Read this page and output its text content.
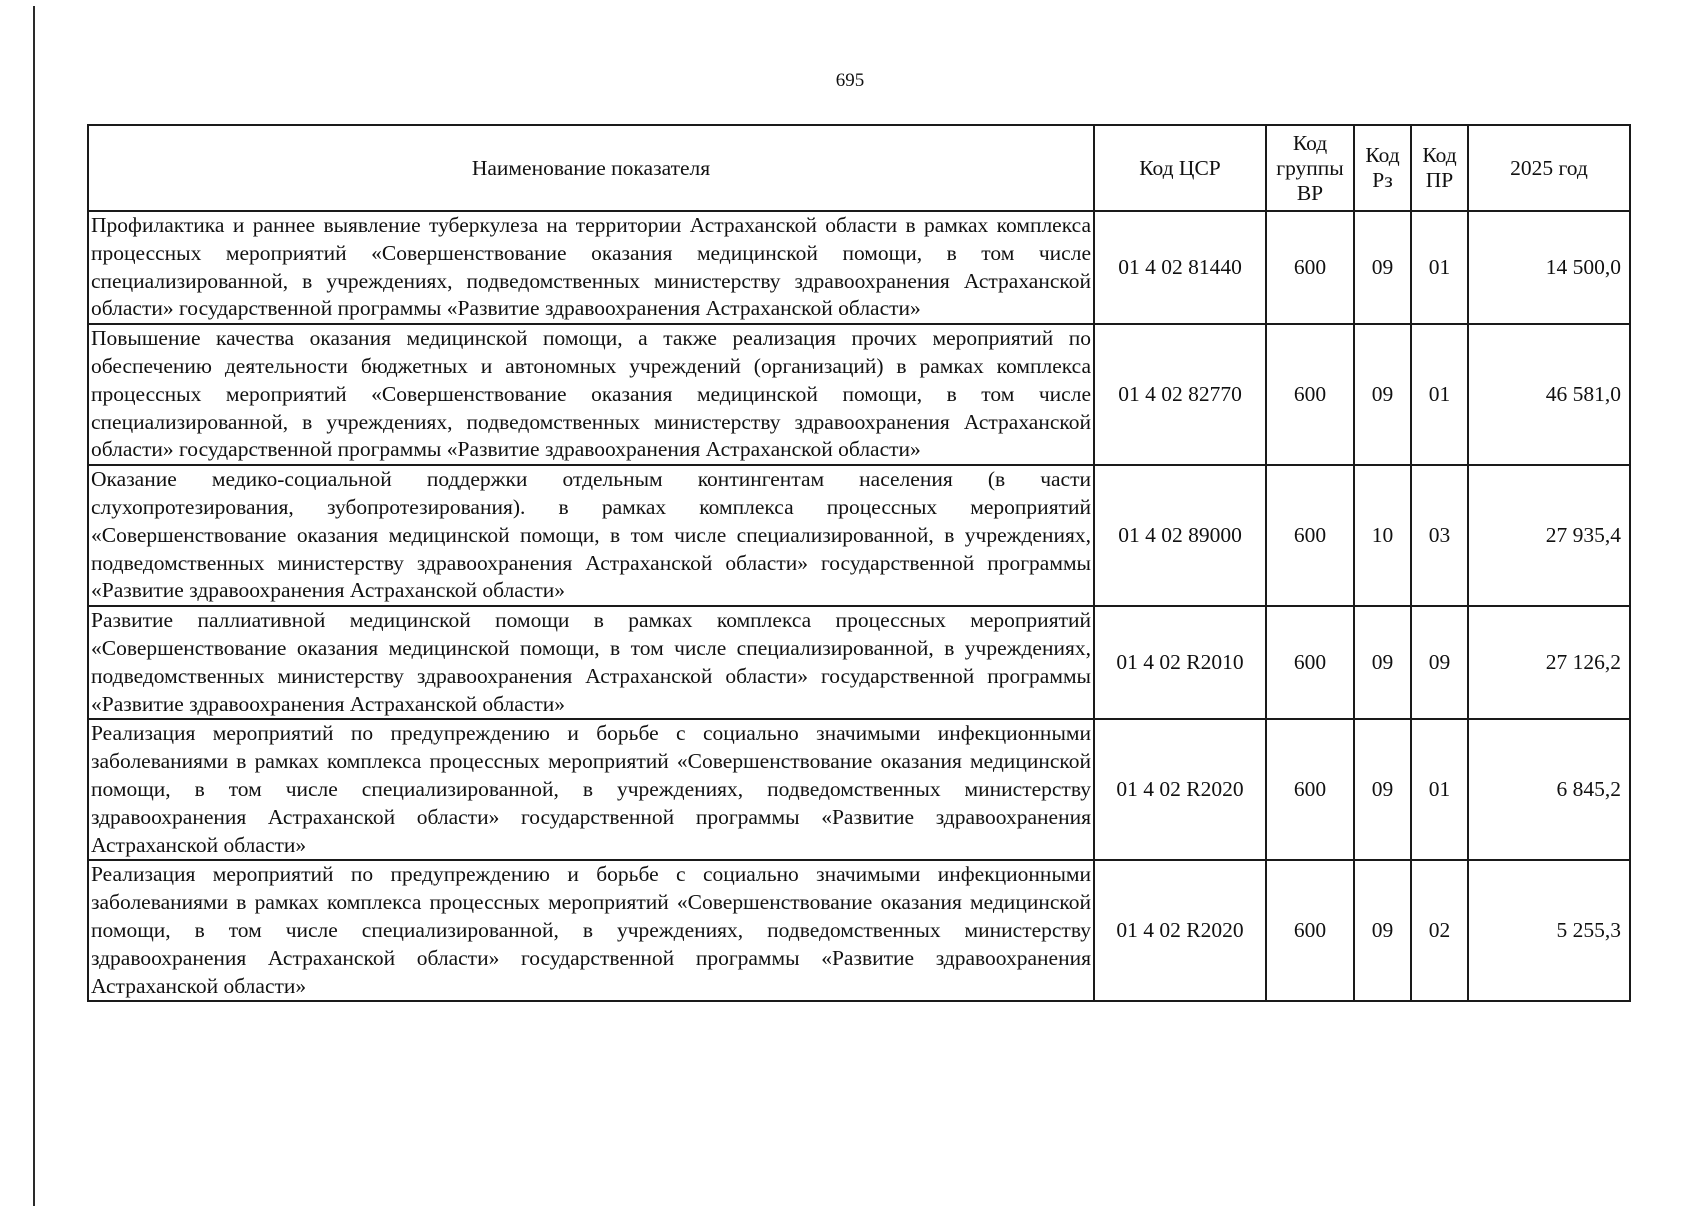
695
Наименование показателя	Код ЦСР	Код группы ВР	Код Рз	Код ПР	2025 год
Профилактика и раннее выявление туберкулеза на территории Астраханской области в рамках комплекса процессных мероприятий «Совершенствование оказания медицинской помощи, в том числе специализированной, в учреждениях, подведомственных министерству здравоохранения Астраханской области» государственной программы «Развитие здравоохранения Астраханской области»	01 4 02 81440	600	09	01	14 500,0
Повышение качества оказания медицинской помощи, а также реализация прочих мероприятий по обеспечению деятельности бюджетных и автономных учреждений (организаций) в рамках комплекса процессных мероприятий «Совершенствование оказания медицинской помощи, в том числе специализированной, в учреждениях, подведомственных министерству здравоохранения Астраханской области» государственной программы «Развитие здравоохранения Астраханской области»	01 4 02 82770	600	09	01	46 581,0
Оказание медико-социальной поддержки отдельным контингентам населения (в части слухопротезирования, зубопротезирования). в рамках комплекса процессных мероприятий «Совершенствование оказания медицинской помощи, в том числе специализированной, в учреждениях, подведомственных министерству здравоохранения Астраханской области» государственной программы «Развитие здравоохранения Астраханской области»	01 4 02 89000	600	10	03	27 935,4
Развитие паллиативной медицинской помощи в рамках комплекса процессных мероприятий «Совершенствование оказания медицинской помощи, в том числе специализированной, в учреждениях, подведомственных министерству здравоохранения Астраханской области» государственной программы «Развитие здравоохранения Астраханской области»	01 4 02 R2010	600	09	09	27 126,2
Реализация мероприятий по предупреждению и борьбе с социально значимыми инфекционными заболеваниями в рамках комплекса процессных мероприятий «Совершенствование оказания медицинской помощи, в том числе специализированной, в учреждениях, подведомственных министерству здравоохранения Астраханской области» государственной программы «Развитие здравоохранения Астраханской области»	01 4 02 R2020	600	09	01	6 845,2
Реализация мероприятий по предупреждению и борьбе с социально значимыми инфекционными заболеваниями в рамках комплекса процессных мероприятий «Совершенствование оказания медицинской помощи, в том числе специализированной, в учреждениях, подведомственных министерству здравоохранения Астраханской области» государственной программы «Развитие здравоохранения Астраханской области»	01 4 02 R2020	600	09	02	5 255,3
